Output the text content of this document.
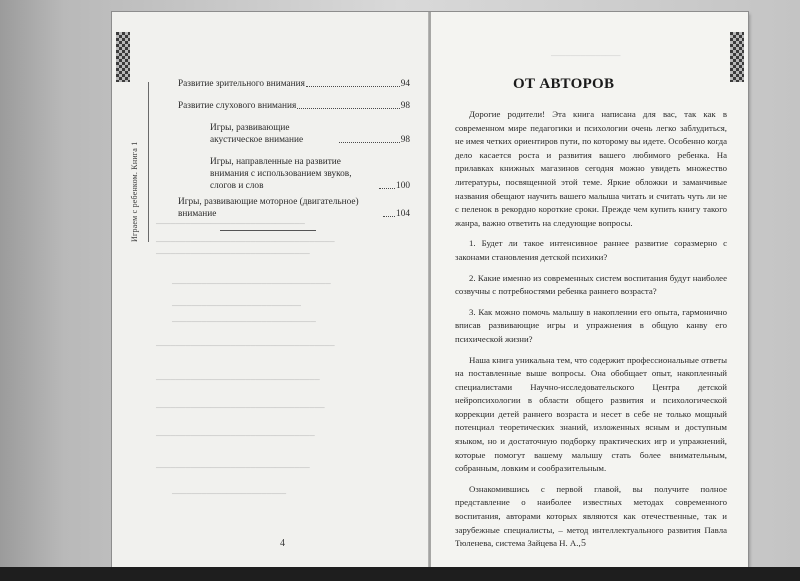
Играем с ребенком. Книга 1	──────────────────────────────
────────────────────────────────────
───────────────────────────────
────────────────────────────────
──────────────────────────
─────────────────────────────
────────────────────────────────────
─────────────────────────────────
──────────────────────────────────
────────────────────────────────
───────────────────────────────
───────────────────────
Развитие зрительного внимания	94
Развитие слухового внимания	98
Игры, развивающие акустическое внимание	98
Игры, направленные на развитие внимания с использованием звуков, слогов и слов	100
Игры, развивающие моторное (двигательное) внимание	104
4
──────────────
ОТ АВТОРОВ

Дорогие родители! Эта книга написана для вас, так как в современном мире педагогики и психологии очень легко заблудиться, не имея четких ориентиров пути, по которому вы идете. Особенно когда дело касается роста и развития вашего любимого ребенка. На прилавках книжных магазинов сегодня можно увидеть множество литературы, посвященной этой теме. Яркие обложки и заманчивые названия обещают научить вашего малыша читать и считать чуть ли не с пеленок в рекордно короткие сроки. Прежде чем купить книгу такого жанра, важно ответить на следующие вопросы.

1. Будет ли такое интенсивное раннее развитие соразмерно с законами становления детской психики?

2. Какие именно из современных систем воспитания будут наиболее созвучны с потребностями ребенка раннего возраста?

3. Как можно помочь малышу в накоплении его опыта, гармонично вписав развивающие игры и упражнения в общую канву его психической жизни?

Наша книга уникальна тем, что содержит профессиональные ответы на поставленные выше вопросы. Она обобщает опыт, накопленный специалистами Научно-исследовательского Центра детской нейропсихологии в области общего развития и психологической коррекции детей раннего возраста и несет в себе не только мощный потенциал теоретических знаний, изложенных ясным и доступным языком, но и достаточную подборку практических игр и упражнений, которые помогут вашему малышу стать более внимательным, собранным, ловким и сообразительным.

Ознакомившись с первой главой, вы получите полное представление о наиболее известных методах современного воспитания, авторами которых являются как отечественные, так и зарубежные специалисты, – метод интеллектуального развития Павла Тюленева, система Зайцева Н. А., 5
